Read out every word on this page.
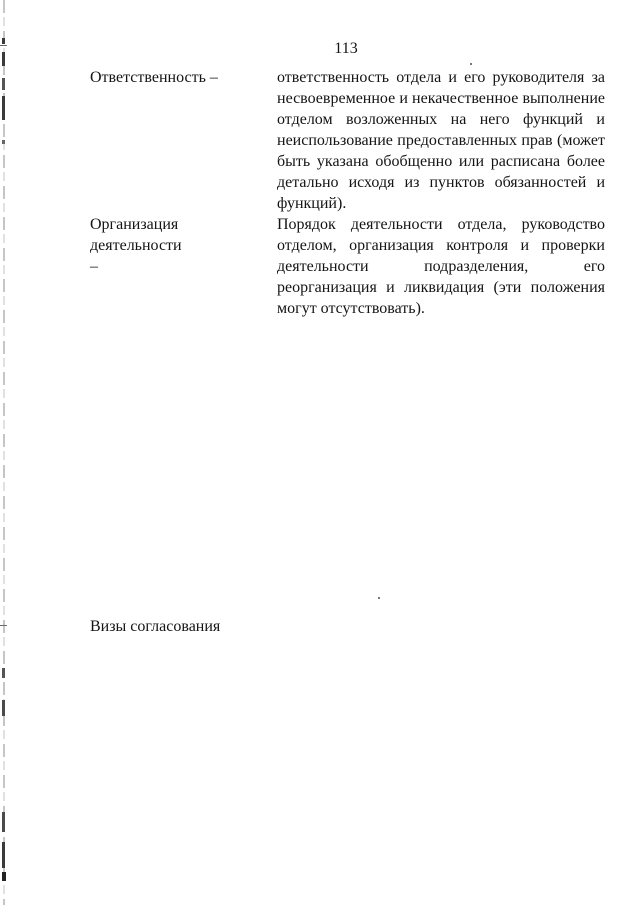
113
Ответственность –	ответственность отдела и его руководителя за несвоевременное и некачественное выполнение отделом возложенных на него функций и неиспользование предоставленных прав (может быть указана обобщенно или расписана более детально исходя из пунктов обязанностей и функций).
Организация деятельности
–
Порядок деятельности отдела, руководство отделом, организация контроля и проверки деятельности подразделения, его реорганизация и ликвидация (эти положения могут отсутствовать).
Визы согласования
